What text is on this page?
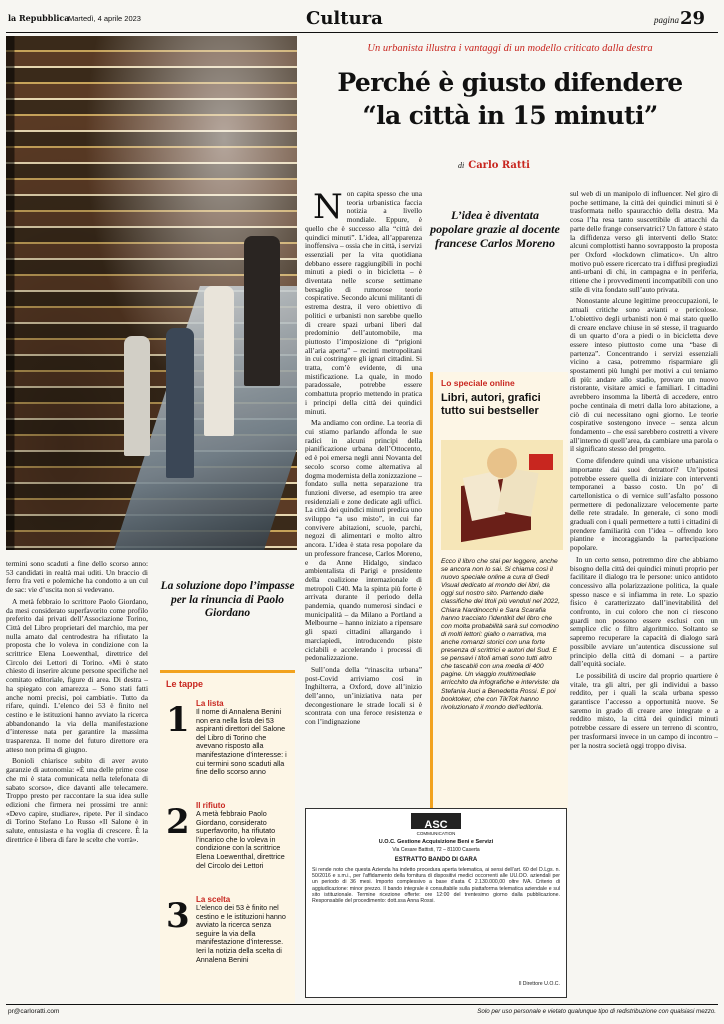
la Repubblica
Martedì, 4 aprile 2023	Cultura	pagina 29
Un urbanista illustra i vantaggi di un modello criticato dalla destra
Perché è giusto difendere
“la città in 15 minuti”
di Carlo Ratti
N on capita spesso che una teoria urbanistica faccia notizia a livello mondiale. Eppure, è quello che è successo alla “città dei quindici minuti”. L’idea, all’apparenza inoffensiva – ossia che in città, i servizi essenziali per la vita quotidiana debbano essere raggiungibili in pochi minuti a piedi o in bicicletta – è diventata nelle scorse settimane bersaglio di rumorose teorie cospirative. Secondo alcuni militanti di estrema destra, il vero obiettivo di politici e urbanisti non sarebbe quello di creare spazi urbani liberi dal predominio dell’automobile, ma piuttosto l’imposizione di “prigioni all’aria aperta” – recinti metropolitani in cui costringere gli ignari cittadini. Si tratta, com’è evidente, di una mistificazione. La quale, in modo paradossale, potrebbe essere combattuta proprio mettendo in pratica i principi della città dei quindici minuti.

Ma andiamo con ordine. La teoria di cui stiamo parlando affonda le sue radici in alcuni principi della pianificazione urbana dell’Ottocento, ed è poi emersa negli anni Novanta del secolo scorso come alternativa al dogma modernista della zonizzazione – fondato sulla netta separazione tra funzioni diverse, ad esempio tra aree residenziali e zone dedicate agli uffici. La città dei quindici minuti predica uno sviluppo “a uso misto”, in cui far convivere abitazioni, scuole, parchi, negozi di alimentari e molto altro ancora. L’idea è stata resa popolare da un professore francese, Carlos Moreno, e da Anne Hidalgo, sindaco ambientalista di Parigi e presidente della coalizione internazionale di metropoli C40. Ma la spinta più forte è arrivata durante il periodo della pandemia, quando numerosi sindaci e municipalità – da Milano a Portland a Melbourne – hanno iniziato a ripensare gli spazi cittadini allargando i marciapiedi, introducendo piste ciclabili e accelerando i processi di pedonalizzazione.

Sull’onda della “rinascita urbana” post-Covid arriviamo così in Inghilterra, a Oxford, dove all’inizio dell’anno, un’iniziativa nata per decongestionare le strade locali si è scontrata con una feroce resistenza e con l’indignazione

L’idea è diventata popolare grazie al docente francese Carlos Moreno
Lo speciale online
Libri, autori, grafici tutto sui bestseller
Ecco il libro che stai per leggere, anche se ancora non lo sai. Si chiama così il nuovo speciale online a cura di Gedi Visual dedicato al mondo dei libri, da oggi sul nostro sito. Partendo dalle classifiche dei titoli più venduti nel 2022, Chiara Nardinocchi e Sara Scarafia hanno tracciato l’identikit del libro che con molta probabilità sarà sul comodino di molti lettori: giallo o narrativa, ma anche romanzi storici con una forte presenza di scrittrici e autori del Sud. E se pensavi i titoli amati sono tutti altro che tascabili con una media di 400 pagine. Un viaggio multimediale arricchito da infografiche e interviste: da Stefania Auci a Benedetta Rossi. E poi booktoker, che con TikTok hanno rivoluzionato il mondo dell’editoria.

sul web di un manipolo di influencer. Nel giro di poche settimane, la città dei quindici minuti si è trasformata nello spauracchio della destra. Ma cosa l’ha resa tanto suscettibile di attacchi da parte delle frange conservatrici? Un fattore è stato la diffidenza verso gli interventi dello Stato: alcuni complottisti hanno sovrapposto la proposta per Oxford «lockdown climatico». Un altro motivo può essere ricercato tra i diffusi pregiudizi anti-urbani di chi, in campagna e in periferia, ritiene che i provvedimenti incompatibili con uno stile di vita fondato sull’auto privata.

Nonostante alcune legittime preoccupazioni, le attuali critiche sono avianti e pericolose. L’obiettivo degli urbanisti non è mai stato quello di creare enclave chiuse in sé stesse, il traguardo di un quarto d’ora a piedi o in bicicletta deve essere inteso piuttosto come una “base di partenza”. Concentrando i servizi essenziali vicino a casa, potremmo risparmiare gli spostamenti più lunghi per motivi a cui teniamo di più: andare allo stadio, provare un nuovo ristorante, visitare amici e familiari. I cittadini avrebbero insomma la libertà di accedere, entro poche centinaia di metri dalla loro abitazione, a ciò di cui necessitano ogni giorno. Le teorie cospirative sostengono invece – senza alcun fondamento – che essi sarebbero costretti a vivere all’interno di quell’area, da cambiare una parola o il significato stesso del progetto.

Come difendere quindi una visione urbanistica importante dai suoi detrattori? Un’ipotesi potrebbe essere quella di iniziare con interventi temporanei a basso costo. Un po’ di cartellonistica o di vernice sull’asfalto possono permettere di pedonalizzare velocemente parte delle rete stradale. In generale, ci sono modi graduali con i quali permettere a tutti i cittadini di prendere familiarità con l’idea – offrendo loro piantine e incoraggiando la partecipazione popolare.

In un certo senso, potremmo dire che abbiamo bisogno della città dei quindici minuti proprio per facilitare il dialogo tra le persone: unico antidoto concessivo alla polarizzazione politica, la quale spesso nasce e si infiamma in rete. Lo spazio fisico è caratterizzato dall’inevitabilità del confronto, in cui coloro che non ci riescono guardi non possono essere esclusi con un semplice clic o filtro algoritmico. Soltanto se sapremo recuperare la capacità di dialogo sarà possibile avviare un’autentica discussione sul principio della città di domani – a partire dall’equità sociale.

Le possibilità di uscire dal proprio quartiere è vitale, tra gli altri, per gli individui a basso reddito, per i quali la scala urbana spesso garantisce l’accesso a opportunità nuove. Se saremo in grado di creare aree integrate e a reddito misto, la città dei quindici minuti potrebbe cessare di essere un terreno di scontro, per trasformarsi invece in un campo di incontro – per la nostra società oggi troppo divisa.

termini sono scaduti a fine dello scorso anno: 53 candidati in realtà mai uditi. Un braccio di ferro fra veti e polemiche ha condotto a un cul de sac: vie d’uscita non si vedevano.

A metà febbraio lo scrittore Paolo Giordano, da mesi considerato superfavorito come profilo preferito dai privati dell’Associazione Torino, Città del Libro proprietari del marchio, ma per nulla amato dal centrodestra ha rifiutato la proposta che lo voleva in condizione con la scrittrice Elena Loewenthal, direttrice del Circolo dei Lettori di Torino. «Mi è stato chiesto di inserire alcune persone specifiche nel comitato editoriale, figure di area. Di destra – ha spiegato con amarezza – Sono stati fatti anche nomi precisi, poi cambiati». Tutto da rifare, quindi. L’elenco dei 53 è finito nel cestino e le istituzioni hanno avviato la ricerca abbandonando la via della manifestazione d’interesse nata per garantire la massima trasparenza. Il nome del futuro direttore era atteso non prima di giugno.

Bonioli chiariscе subito di aver avuto garanzie di autonomia: «È una delle prime cose che mi è stata comunicata nella telefonata di sabato scorso», dice davanti alle telecamere. Troppo presto per raccontare la sua idea sulle edizioni che firmera nei prossimi tre anni: «Devo capire, studiare», ripete. Per il sindaco di Torino Stefano Lo Russo «Il Salone è in salute, entusiasta e ha voglia di crescere. È la direttrice è libera di fare le scelte che vorrà».

La soluzione dopo l’impasse per la rinuncia di Paolo Giordano
Le tappe
1 La lista
Il nome di Annalena Benini non era nella lista dei 53 aspiranti direttori del Salone del Libro di Torino che avevano risposto alla manifestazione d’interesse: i cui termini sono scaduti alla fine dello scorso anno
2 Il rifiuto
A metà febbraio Paolo Giordano, considerato superfavorito, ha rifiutato l’incarico che lo voleva in condizione con la scrittrice Elena Loewenthal, direttrice del Circolo dei Lettori
3 La scelta
L’elenco dei 53 è finito nel cestino e le istituzioni hanno avviato la ricerca senza seguire la via della manifestazione d’interesse. Ieri la notizia della scelta di Annalena Benini
ASC
COMMUNICATION
U.O.C. Gestione Acquisizione Beni e Servizi
Via Cesare Battisti, 72 – 81100 Caserta
ESTRATTO BANDO DI GARA
Si rende noto che questa Azienda ha indetto procedura aperta telematica, ai sensi dell’art. 60 del D.Lgs. n. 50/2016 e s.m.i., per l’affidamento della fornitura di dispositivi medici occorrenti alle UU.OO. aziendali per un periodo di 36 mesi. Importo complessivo a base d’asta € 2.130.000,00 oltre IVA. Criterio di aggiudicazione: minor prezzo. Il bando integrale è consultabile sulla piattaforma telematica aziendale e sul sito istituzionale. Termine ricezione offerte: ore 12:00 del trentesimo giorno dalla pubblicazione. Responsabile del procedimento: dott.ssa Anna Rossi.
Il Direttore U.O.C.
pr@carloratti.com	Solo per uso personale e vietato qualunque tipo di redistribuzione con qualsiasi mezzo.
